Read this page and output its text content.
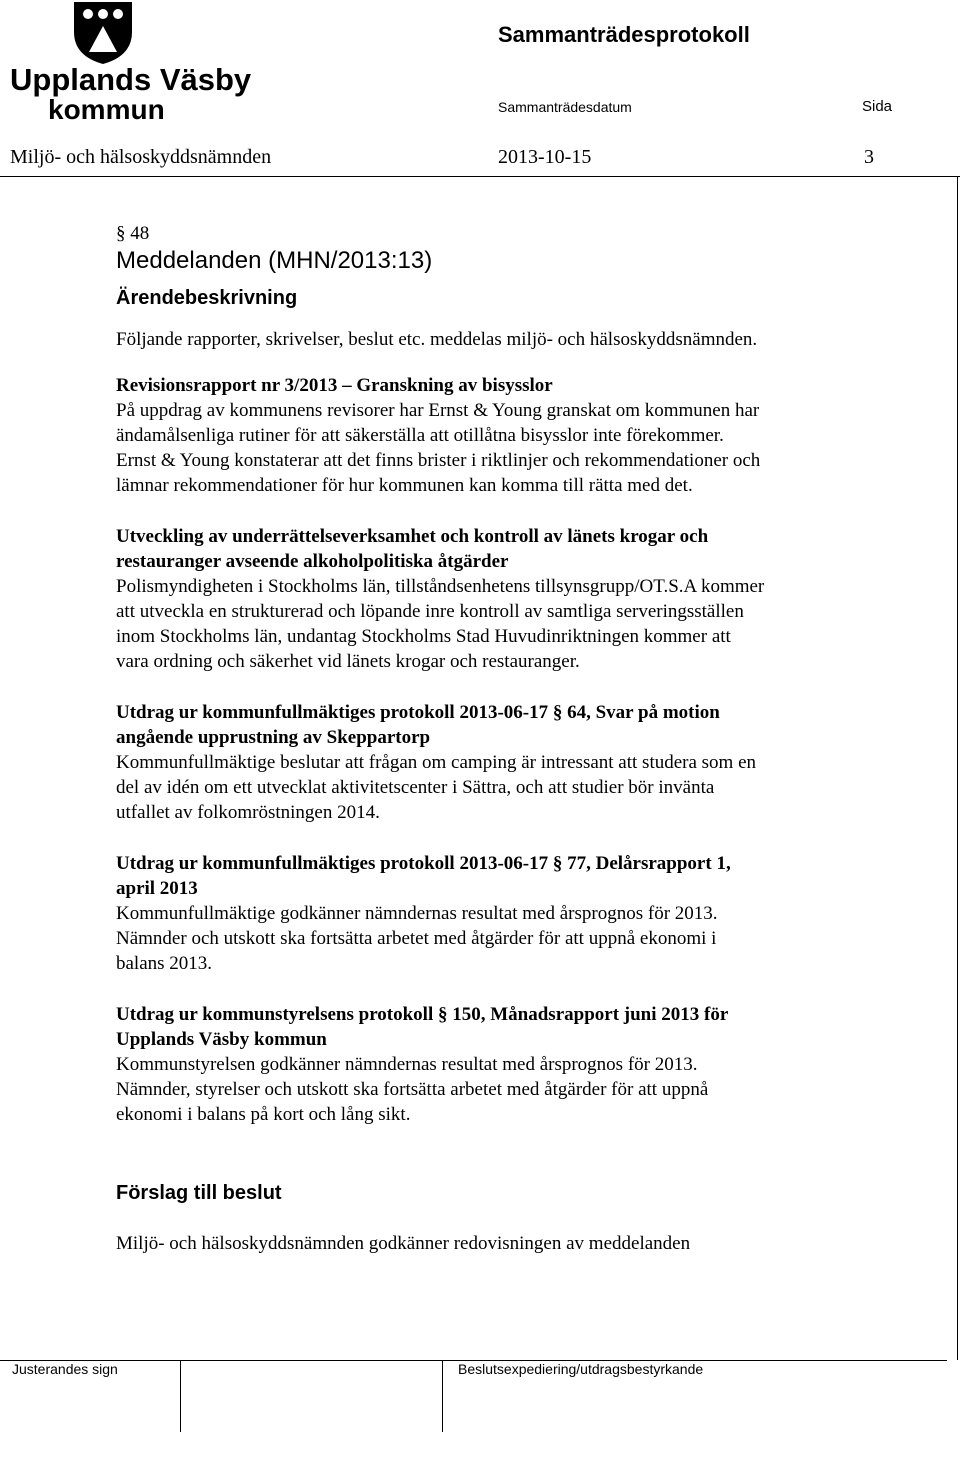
Upplands Väsby
kommun
Sammanträdesprotokoll
Sammanträdesdatum	Sida
Miljö- och hälsoskyddsnämnden	2013-10-15	3
§ 48
Meddelanden (MHN/2013:13)
Ärendebeskrivning

Följande rapporter, skrivelser, beslut etc. meddelas miljö- och hälsoskyddsnämnden.

Revisionsrapport nr 3/2013 – Granskning av bisysslor

På uppdrag av kommunens revisorer har Ernst & Young granskat om kommunen har
ändamålsenliga rutiner för att säkerställa att otillåtna bisysslor inte förekommer.
Ernst & Young konstaterar att det finns brister i riktlinjer och rekommendationer och
lämnar rekommendationer för hur kommunen kan komma till rätta med det.

Utveckling av underrättelseverksamhet och kontroll av länets krogar och
restauranger avseende alkoholpolitiska åtgärder

Polismyndigheten i Stockholms län, tillståndsenhetens tillsynsgrupp/OT.S.A kommer
att utveckla en strukturerad och löpande inre kontroll av samtliga serveringsställen
inom Stockholms län, undantag Stockholms Stad Huvudinriktningen kommer att
vara ordning och säkerhet vid länets krogar och restauranger.

Utdrag ur kommunfullmäktiges protokoll 2013-06-17 § 64, Svar på motion
angående upprustning av Skeppartorp

Kommunfullmäktige beslutar att frågan om camping är intressant att studera som en
del av idén om ett utvecklat aktivitetscenter i Sättra, och att studier bör invänta
utfallet av folkomröstningen 2014.

Utdrag ur kommunfullmäktiges protokoll 2013-06-17 § 77, Delårsrapport 1,
april 2013

Kommunfullmäktige godkänner nämndernas resultat med årsprognos för 2013.
Nämnder och utskott ska fortsätta arbetet med åtgärder för att uppnå ekonomi i
balans 2013.

Utdrag ur kommunstyrelsens protokoll § 150, Månadsrapport juni 2013 för
Upplands Väsby kommun

Kommunstyrelsen godkänner nämndernas resultat med årsprognos för 2013.
Nämnder, styrelser och utskott ska fortsätta arbetet med åtgärder för att uppnå
ekonomi i balans på kort och lång sikt.

Förslag till beslut

Miljö- och hälsoskyddsnämnden godkänner redovisningen av meddelanden

Justerandes sign	Beslutsexpediering/utdragsbestyrkande
